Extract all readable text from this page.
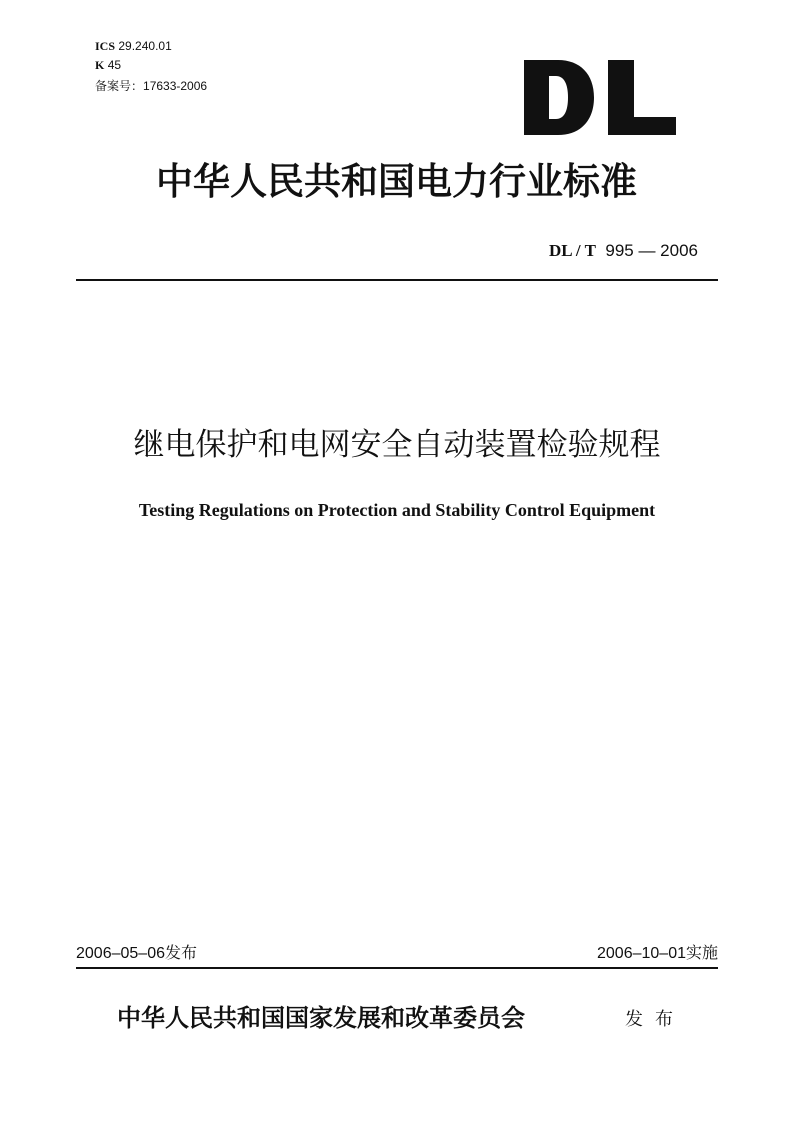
ICS 29.240.01
K 45
备案号：17633-2006
中华人民共和国电力行业标准
DL / T 995 — 2006
继电保护和电网安全自动装置检验规程
Testing Regulations on Protection and Stability Control Equipment
2006–05–06发布	2006–10–01实施
中华人民共和国国家发展和改革委员会	发布
